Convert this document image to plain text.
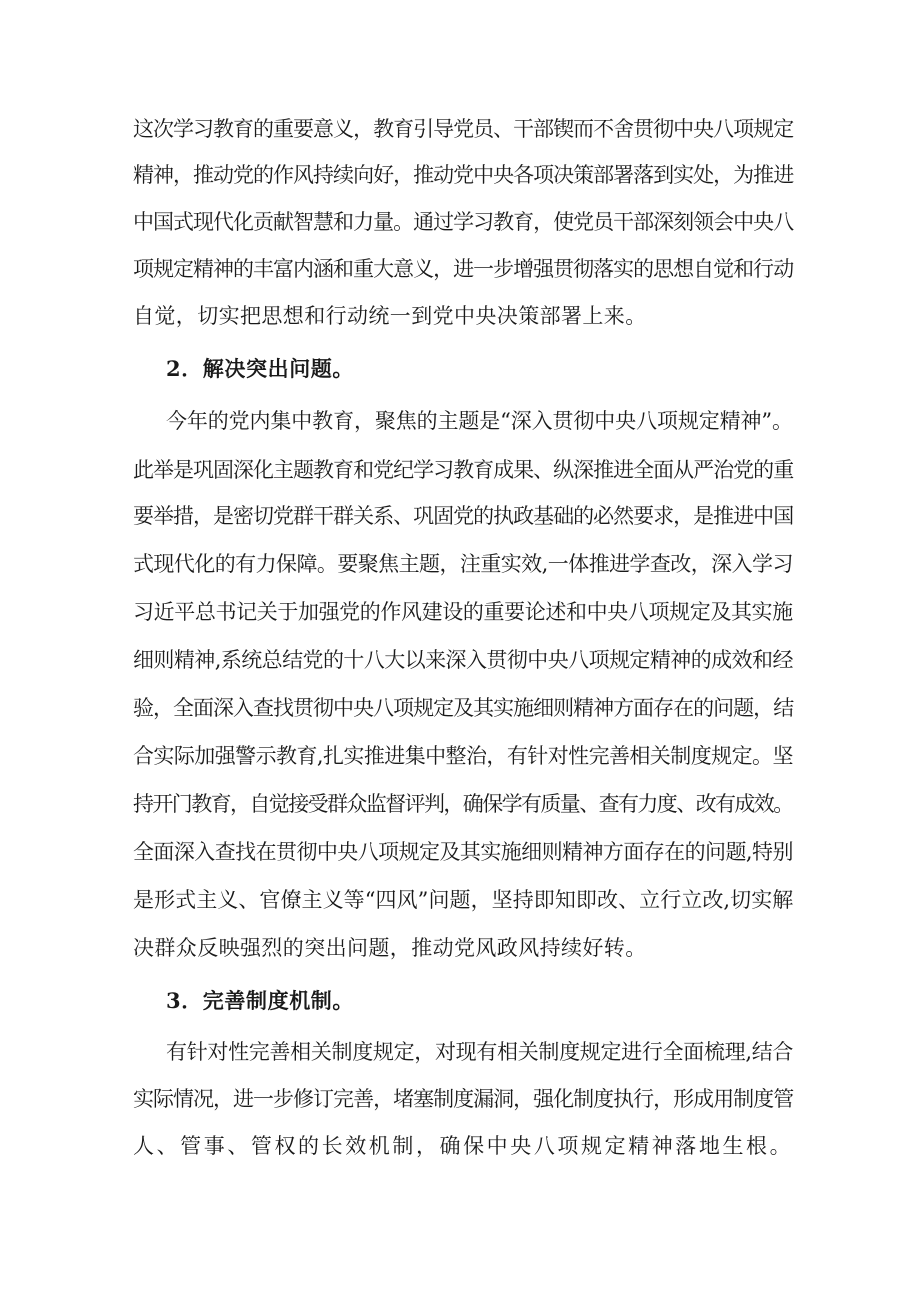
这次学习教育的重要意义，教育引导党员、干部锲而不舍贯彻中央八项规定
精神，推动党的作风持续向好，推动党中央各项决策部署落到实处，为推进
中国式现代化贡献智慧和力量。通过学习教育，使党员干部深刻领会中央八
项规定精神的丰富内涵和重大意义，进一步增强贯彻落实的思想自觉和行动
自觉，切实把思想和行动统一到党中央决策部署上来。
2．解决突出问题。
今年的党内集中教育，聚焦的主题是“深入贯彻中央八项规定精神”。
此举是巩固深化主题教育和党纪学习教育成果、纵深推进全面从严治党的重
要举措，是密切党群干群关系、巩固党的执政基础的必然要求，是推进中国
式现代化的有力保障。要聚焦主题，注重实效,一体推进学查改，深入学习
习近平总书记关于加强党的作风建设的重要论述和中央八项规定及其实施
细则精神,系统总结党的十八大以来深入贯彻中央八项规定精神的成效和经
验，全面深入查找贯彻中央八项规定及其实施细则精神方面存在的问题，结
合实际加强警示教育,扎实推进集中整治，有针对性完善相关制度规定。坚
持开门教育，自觉接受群众监督评判，确保学有质量、查有力度、改有成效。
全面深入查找在贯彻中央八项规定及其实施细则精神方面存在的问题,特别
是形式主义、官僚主义等“四风”问题，坚持即知即改、立行立改,切实解
决群众反映强烈的突出问题，推动党风政风持续好转。
3．完善制度机制。
有针对性完善相关制度规定，对现有相关制度规定进行全面梳理,结合
实际情况，进一步修订完善，堵塞制度漏洞，强化制度执行，形成用制度管
人、管事、管权的长效机制，确保中央八项规定精神落地生根。
